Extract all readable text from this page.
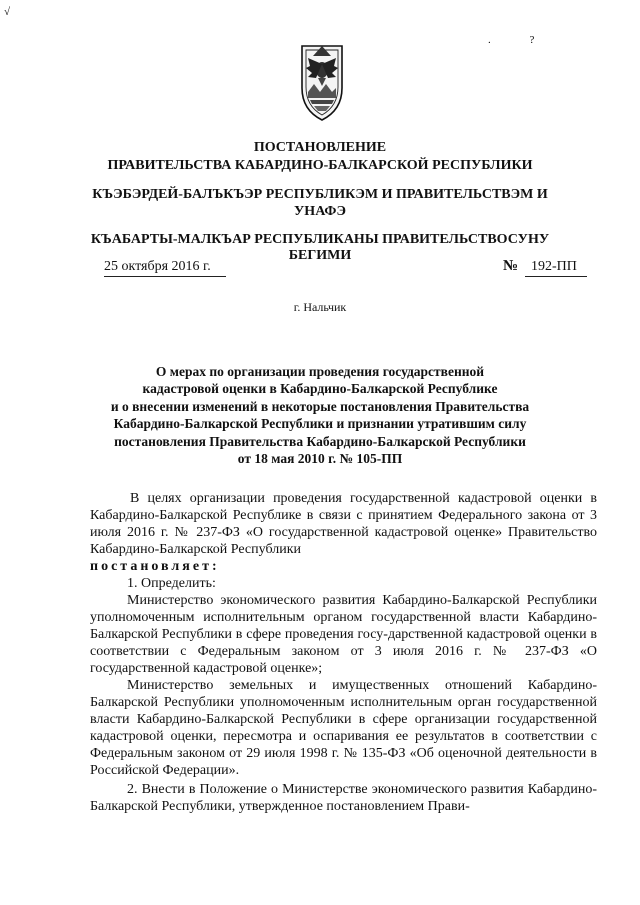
√
. ?
ПОСТАНОВЛЕНИЕ
ПРАВИТЕЛЬСТВА КАБАРДИНО-БАЛКАРСКОЙ РЕСПУБЛИКИ
КЪЭБЭРДЕЙ-БАЛЪКЪЭР РЕСПУБЛИКЭМ И ПРАВИТЕЛЬСТВЭМ И
УНАФЭ
КЪАБАРТЫ-МАЛКЪАР РЕСПУБЛИКАНЫ ПРАВИТЕЛЬСТВОСУНУ
БЕГИМИ
25 октября 2016 г.	№ 192-ПП
г. Нальчик
О мерах по организации проведения государственной
кадастровой оценки в Кабардино-Балкарской Республике
и о внесении изменений в некоторые постановления Правительства
Кабардино-Балкарской Республики и признании утратившим силу
постановления Правительства Кабардино-Балкарской Республики
от 18 мая 2010 г. № 105-ПП

В целях организации проведения государственной кадастровой оценки в Кабардино-Балкарской Республике в связи с принятием Федерального закона от 3 июля 2016 г. № 237-ФЗ «О государственной кадастровой оценке» Правительство Кабардино-Балкарской Республики

постановляет:

1. Определить:

Министерство экономического развития Кабардино-Балкарской Республики уполномоченным исполнительным органом государственной власти Кабардино-Балкарской Республики в сфере проведения госу-дарственной кадастровой оценки в соответствии с Федеральным законом от 3 июля 2016 г. № 237-ФЗ «О государственной кадастровой оценке»;

Министерство земельных и имущественных отношений Кабардино-Балкарской Республики уполномоченным исполнительным орган государственной власти Кабардино-Балкарской Республики в сфере организации государственной кадастровой оценки, пересмотра и оспаривания ее результатов в соответствии с Федеральным законом от 29 июля 1998 г. № 135-ФЗ «Об оценочной деятельности в Российской Федерации».

2. Внести в Положение о Министерстве экономического развития Кабардино-Балкарской Республики, утвержденное постановлением Прави-
